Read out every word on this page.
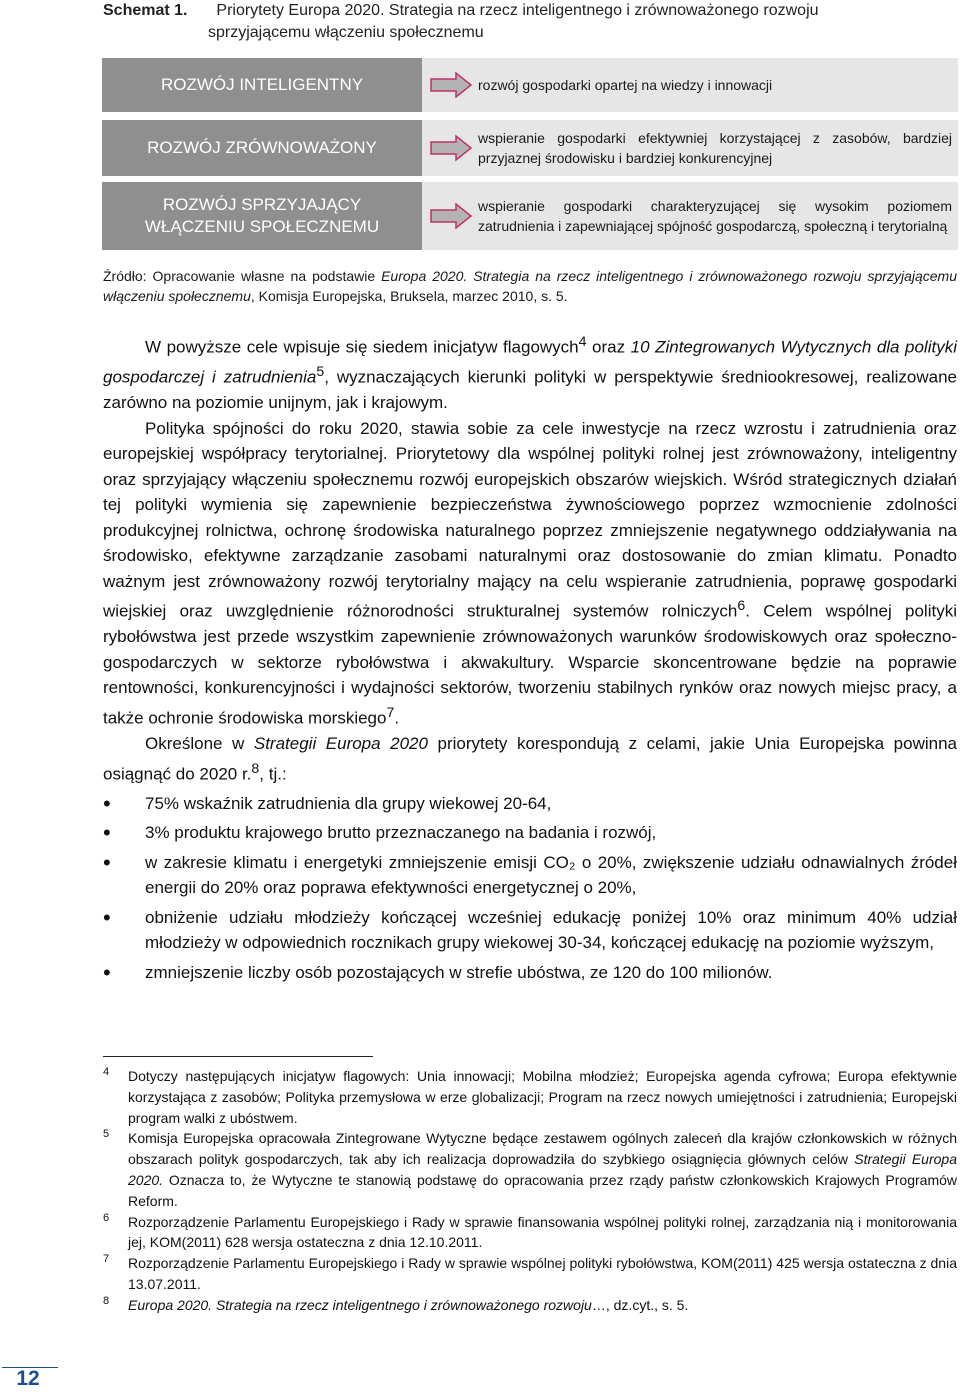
Schemat 1. Priorytety Europa 2020. Strategia na rzecz inteligentnego i zrównoważonego rozwoju
sprzyjającemu włączeniu społecznemu
ROZWÓJ INTELIGENTNY	rozwój gospodarki opartej na wiedzy i innowacji
ROZWÓJ ZRÓWNOWAŻONY	wspieranie gospodarki efektywniej korzystającej z zasobów, bardziej przyjaznej środowisku i bardziej konkurencyjnej
ROZWÓJ SPRZYJAJĄCY WŁĄCZENIU SPOŁECZNEMU
wspieranie gospodarki charakteryzującej się wysokim poziomem zatrudnienia i zapewniającej spójność gospodarczą, społeczną i terytorialną
Źródło: Opracowanie własne na podstawie Europa 2020. Strategia na rzecz inteligentnego i zrównoważonego rozwoju sprzyjającemu włączeniu społecznemu, Komisja Europejska, Bruksela, marzec 2010, s. 5.

W powyższe cele wpisuje się siedem inicjatyw flagowych$^4$ oraz 10 Zintegrowanych Wytycznych dla polityki gospodarczej i zatrudnienia$^5$, wyznaczających kierunki polityki w perspektywie średniookresowej, realizowane zarówno na poziomie unijnym, jak i krajowym.

Polityka spójności do roku 2020, stawia sobie za cele inwestycje na rzecz wzrostu i zatrudnienia oraz europejskiej współpracy terytorialnej. Priorytetowy dla wspólnej polityki rolnej jest zrównoważony, inteligentny oraz sprzyjający włączeniu społecznemu rozwój europejskich obszarów wiejskich. Wśród strategicznych działań tej polityki wymienia się zapewnienie bezpieczeństwa żywnościowego poprzez wzmocnienie zdolności produkcyjnej rolnictwa, ochronę środowiska naturalnego poprzez zmniejszenie negatywnego oddziaływania na środowisko, efektywne zarządzanie zasobami naturalnymi oraz dostosowanie do zmian klimatu. Ponadto ważnym jest zrównoważony rozwój terytorialny mający na celu wspieranie zatrudnienia, poprawę gospodarki wiejskiej oraz uwzględnienie różnorodności strukturalnej systemów rolniczych$^6$. Celem wspólnej polityki rybołówstwa jest przede wszystkim zapewnienie zrównoważonych warunków środowiskowych oraz społeczno-gospodarczych w sektorze rybołówstwa i akwakultury. Wsparcie skoncentrowane będzie na poprawie rentowności, konkurencyjności i wydajności sektorów, tworzeniu stabilnych rynków oraz nowych miejsc pracy, a także ochronie środowiska morskiego$^7$.

Określone w Strategii Europa 2020 priorytety korespondują z celami, jakie Unia Europejska powinna osiągnąć do 2020 r.$^8$, tj.:

• 75% wskaźnik zatrudnienia dla grupy wiekowej 20-64,
• 3% produktu krajowego brutto przeznaczanego na badania i rozwój,
• w zakresie klimatu i energetyki zmniejszenie emisji CO₂ o 20%, zwiększenie udziału odnawialnych źródeł energii do 20% oraz poprawa efektywności energetycznej o 20%,
• obniżenie udziału młodzieży kończącej wcześniej edukację poniżej 10% oraz minimum 40% udział młodzieży w odpowiednich rocznikach grupy wiekowej 30-34, kończącej edukację na poziomie wyższym,
• zmniejszenie liczby osób pozostających w strefie ubóstwa, ze 120 do 100 milionów.
4 Dotyczy następujących inicjatyw flagowych: Unia innowacji; Mobilna młodzież; Europejska agenda cyfrowa; Europa efektywnie korzystająca z zasobów; Polityka przemysłowa w erze globalizacji; Program na rzecz nowych umiejętności i zatrudnienia; Europejski program walki z ubóstwem.
5 Komisja Europejska opracowała Zintegrowane Wytyczne będące zestawem ogólnych zaleceń dla krajów członkowskich w różnych obszarach polityk gospodarczych, tak aby ich realizacja doprowadziła do szybkiego osiągnięcia głównych celów Strategii Europa 2020. Oznacza to, że Wytyczne te stanowią podstawę do opracowania przez rządy państw członkowskich Krajowych Programów Reform.
6 Rozporządzenie Parlamentu Europejskiego i Rady w sprawie finansowania wspólnej polityki rolnej, zarządzania nią i monitorowania jej, KOM(2011) 628 wersja ostateczna z dnia 12.10.2011.
7 Rozporządzenie Parlamentu Europejskiego i Rady w sprawie wspólnej polityki rybołówstwa, KOM(2011) 425 wersja ostateczna z dnia 13.07.2011.
8 Europa 2020. Strategia na rzecz inteligentnego i zrównoważonego rozwoju…, dz.cyt., s. 5.
12
